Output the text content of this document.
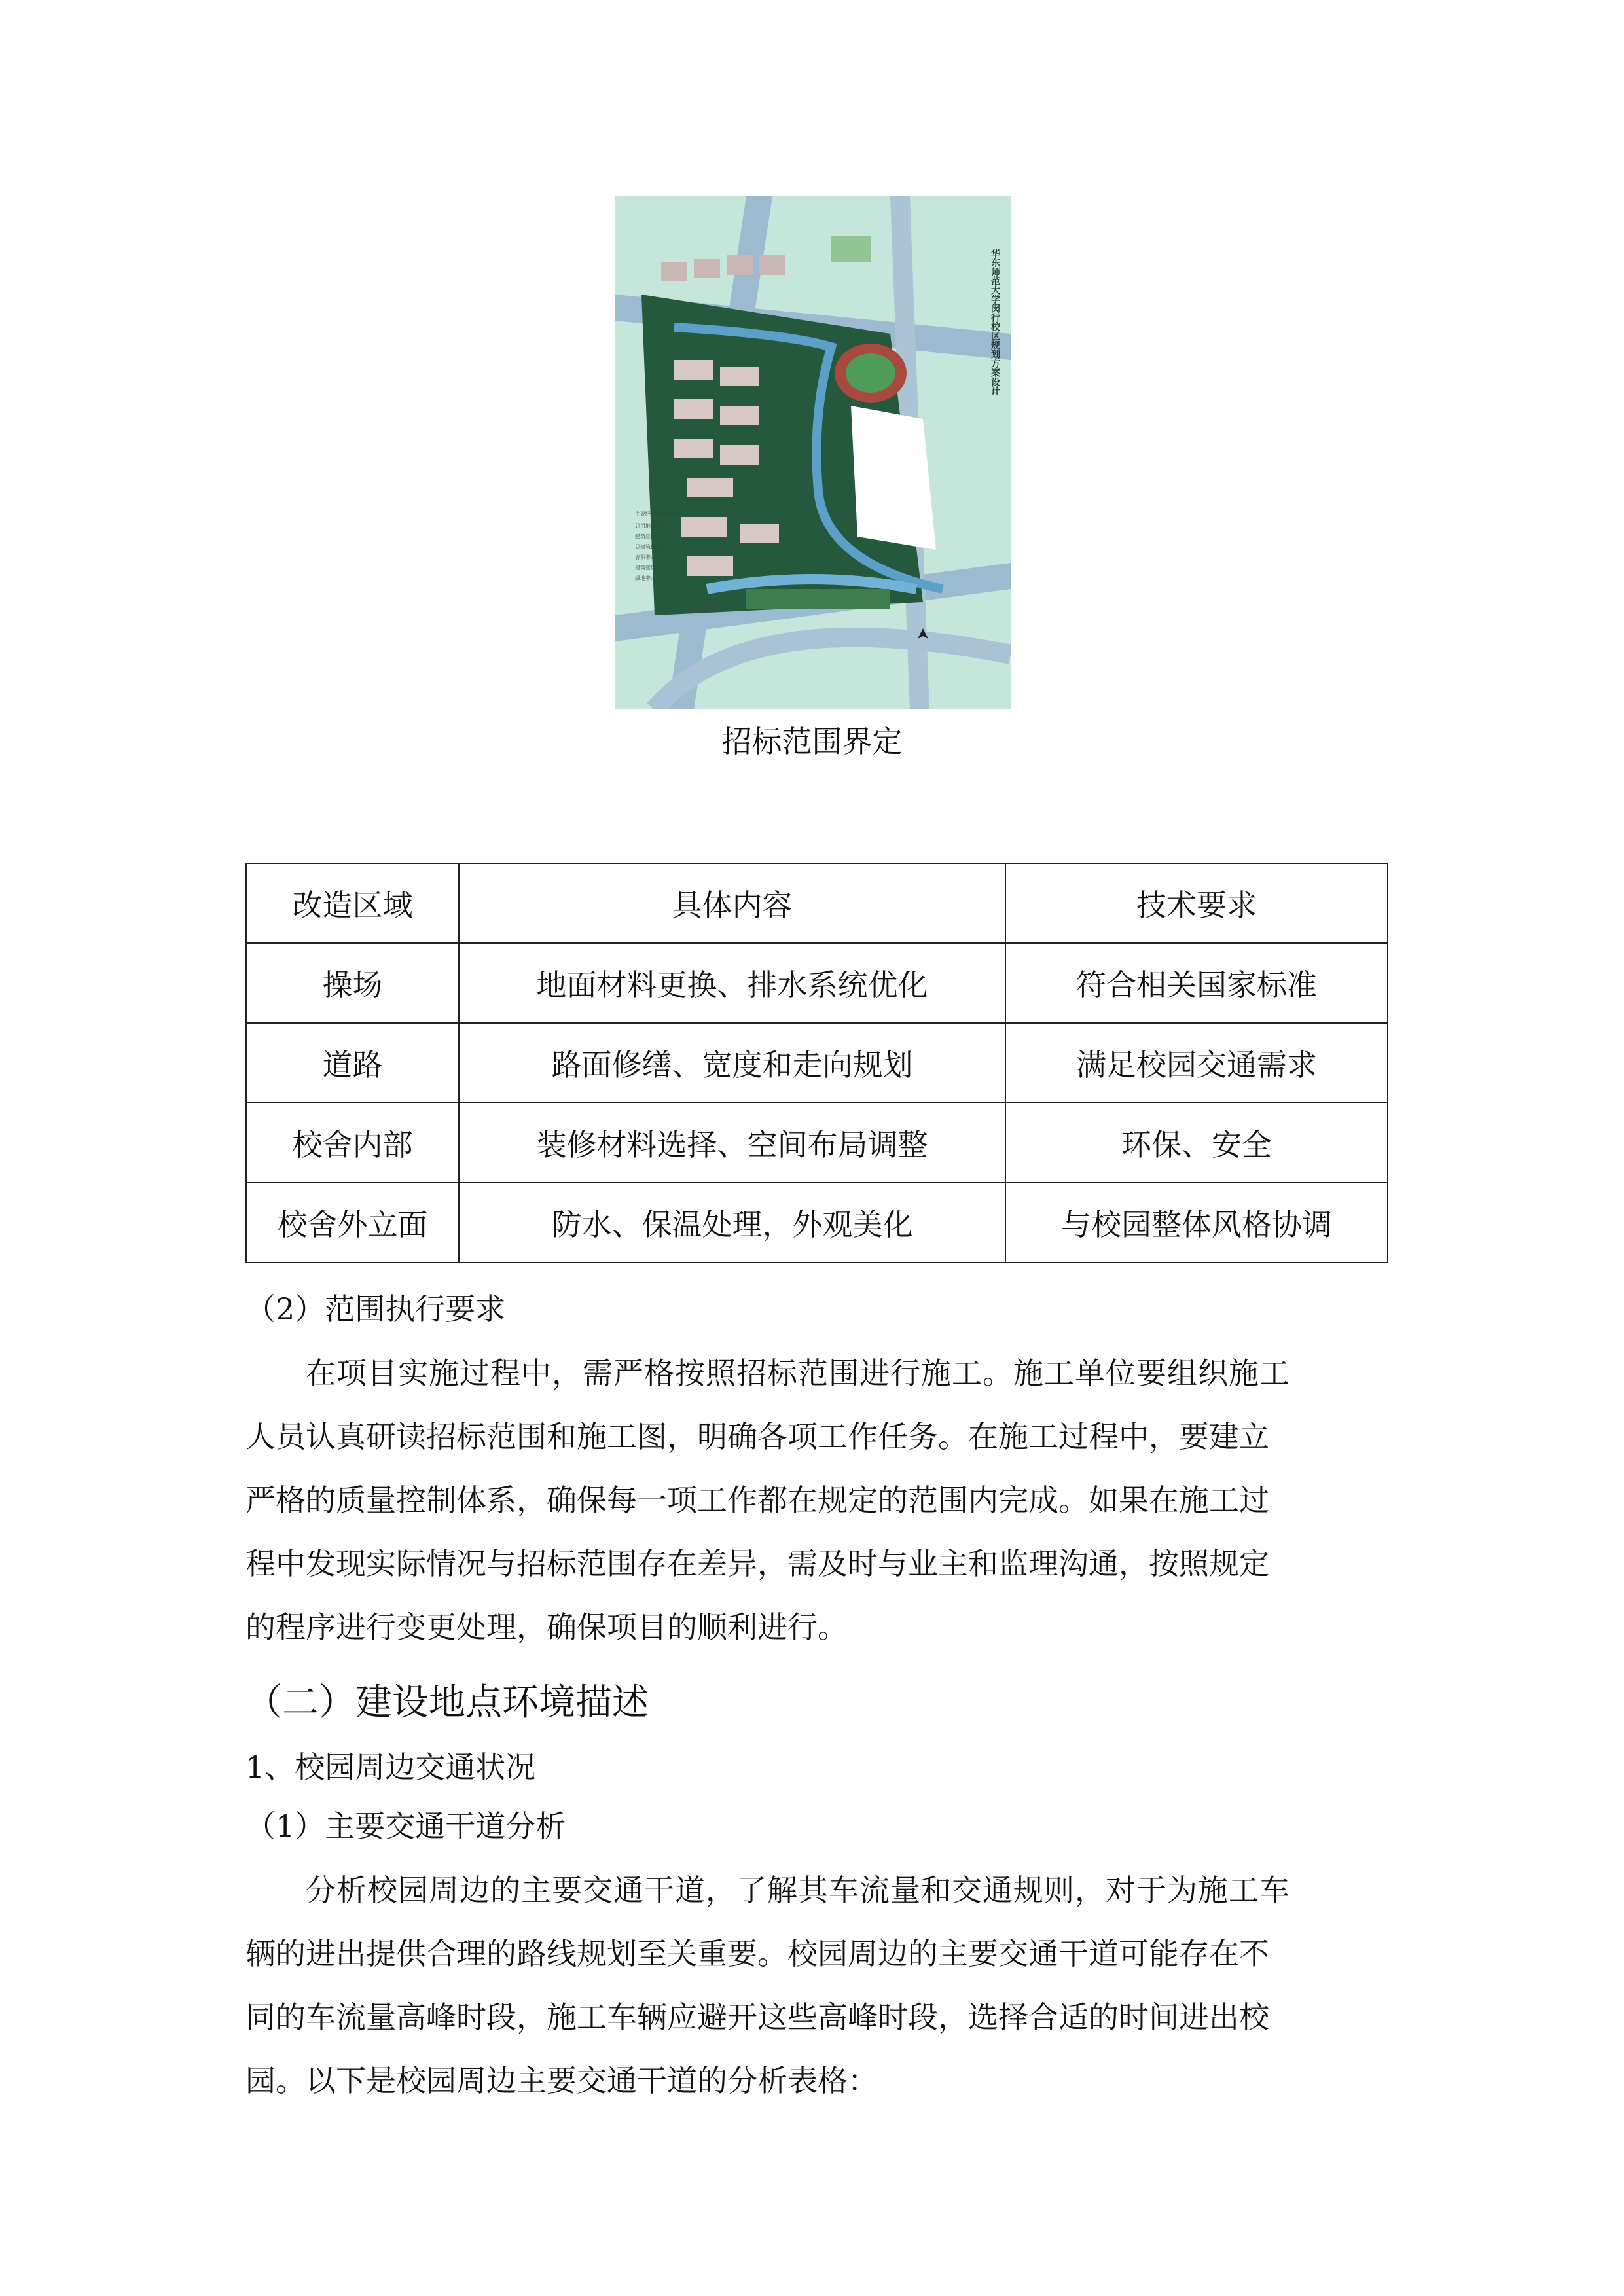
主要经济技术指标：
总用地面积：
建筑总面积：
总建筑面积：
容积率：
建筑密度：
绿地率：
华东师范大学闵行校区规划方案设计
招标范围界定
改造区域	具体内容	技术要求
操场	地面材料更换、排水系统优化	符合相关国家标准
道路	路面修缮、宽度和走向规划	满足校园交通需求
校舍内部	装修材料选择、空间布局调整	环保、安全
校舍外立面	防水、保温处理，外观美化	与校园整体风格协调
（2）范围执行要求
在项目实施过程中，需严格按照招标范围进行施工。施工单位要组织施工
人员认真研读招标范围和施工图，明确各项工作任务。在施工过程中，要建立
严格的质量控制体系，确保每一项工作都在规定的范围内完成。如果在施工过
程中发现实际情况与招标范围存在差异，需及时与业主和监理沟通，按照规定
的程序进行变更处理，确保项目的顺利进行。
（二）建设地点环境描述
1、校园周边交通状况
（1）主要交通干道分析
分析校园周边的主要交通干道，了解其车流量和交通规则，对于为施工车
辆的进出提供合理的路线规划至关重要。校园周边的主要交通干道可能存在不
同的车流量高峰时段，施工车辆应避开这些高峰时段，选择合适的时间进出校
园。以下是校园周边主要交通干道的分析表格：
